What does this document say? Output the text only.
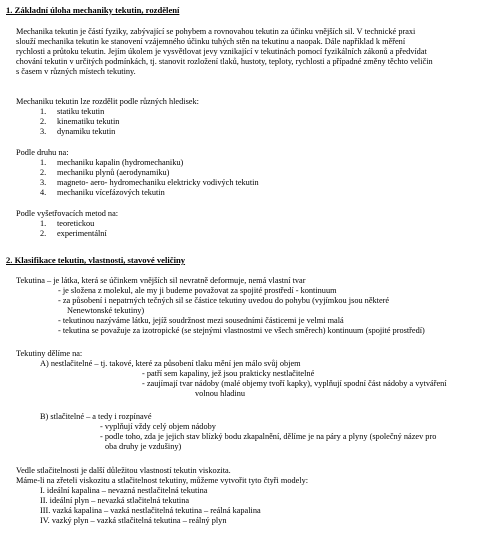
1. Základní úloha mechaniky tekutin, rozdělení
Mechanika tekutin je částí fyziky, zabývající se pohybem a rovnovahou tekutin za účinku vnějších sil. V technické praxi
slouží mechanika tekutin ke stanovení vzájemného účinku tuhých stěn na tekutinu a naopak. Dále například k měření
rychlosti a průtoku tekutin. Jejím úkolem je vysvětlovat jevy vznikající v tekutinách pomocí fyzikálních zákonů a předvídat
chování tekutin v určitých podmínkách, tj. stanovit rozložení tlaků, hustoty, teploty, rychlosti a případné změny těchto veličin
s časem v různých místech tekutiny.
Mechaniku tekutin lze rozdělit podle různých hledisek:
1. statiku tekutin
2. kinematiku tekutin
3. dynamiku tekutin
Podle druhu na:
1. mechaniku kapalin (hydromechaniku)
2. mechaniku plynů (aerodynamiku)
3. magneto- aero- hydromechaniku elektricky vodivých tekutin
4. mechaniku vícefázových tekutin
Podle vyšetřovacích metod na:
1. teoretickou
2. experimentální
2. Klasifikace tekutin, vlastnosti, stavové veličiny
Tekutina – je látka, která se účinkem vnějších sil nevratně deformuje, nemá vlastní tvar
- je složena z molekul, ale my ji budeme považovat za spojité prostředí - kontinuum
- za působení i nepatrných tečných sil se částice tekutiny uvedou do pohybu (vyjímkou jsou některé
Nenewtonské tekutiny)
- tekutinou nazýváme látku, jejíž soudržnost mezi sousedními částicemi je velmi malá
- tekutina se považuje za izotropické (se stejnými vlastnostmi ve všech směrech) kontinuum (spojité prostředí)
Tekutiny dělíme na:
A) nestlačitelné – tj. takové, které za působení tlaku mění jen málo svůj objem
- patří sem kapaliny, jež jsou prakticky nestlačitelné
- zaujímají tvar nádoby (malé objemy tvoří kapky), vyplňují spodní část nádoby a vytváření
volnou hladinu
B) stlačitelné – a tedy i rozpínavé
- vyplňují vždy celý objem nádoby
- podle toho, zda je jejich stav blízký bodu zkapalnění, dělíme je na páry a plyny (společný název pro
oba druhy je vzdušiny)
Vedle stlačitelnosti je další důležitou vlastností tekutin viskozita.
Máme-li na zřeteli viskozitu a stlačitelnost tekutiny, můžeme vytvořit tyto čtyři modely:
I. ideální kapalina – nevazná nestlačitelná tekutina
II. ideální plyn – nevazká stlačitelná tekutina
III. vazká kapalina – vazká nestlačitelná tekutina – reálná kapalina
IV. vazký plyn – vazká stlačitelná tekutina – reálný plyn
